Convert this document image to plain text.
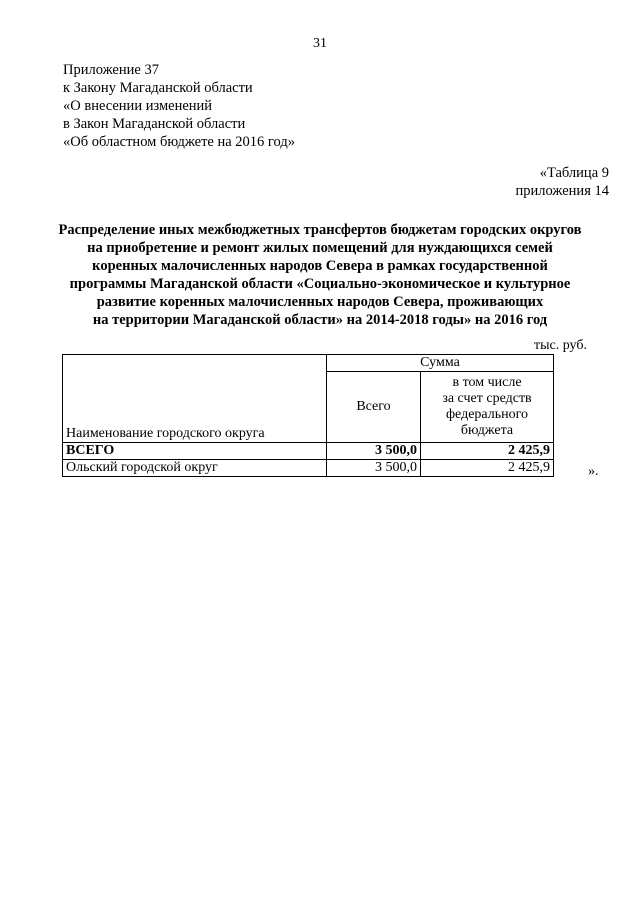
31
Приложение 37
к Закону Магаданской области
«О внесении изменений
в Закон Магаданской области
«Об областном бюджете на 2016 год»
«Таблица 9
приложения 14
Распределение иных межбюджетных трансфертов бюджетам городских округов
на приобретение и ремонт жилых помещений для нуждающихся семей
коренных малочисленных народов Севера в рамках государственной
программы Магаданской области «Социально-экономическое и культурное
развитие коренных малочисленных народов Севера, проживающих
на территории Магаданской области» на 2014-2018 годы» на 2016 год
тыс. руб.
Наименование городского округа	Сумма	
	Всего	в том числе
за счет средств
федерального
бюджета

ВСЕГО	3 500,0	2 425,9
Ольский городской округ	3 500,0	2 425,9	».
